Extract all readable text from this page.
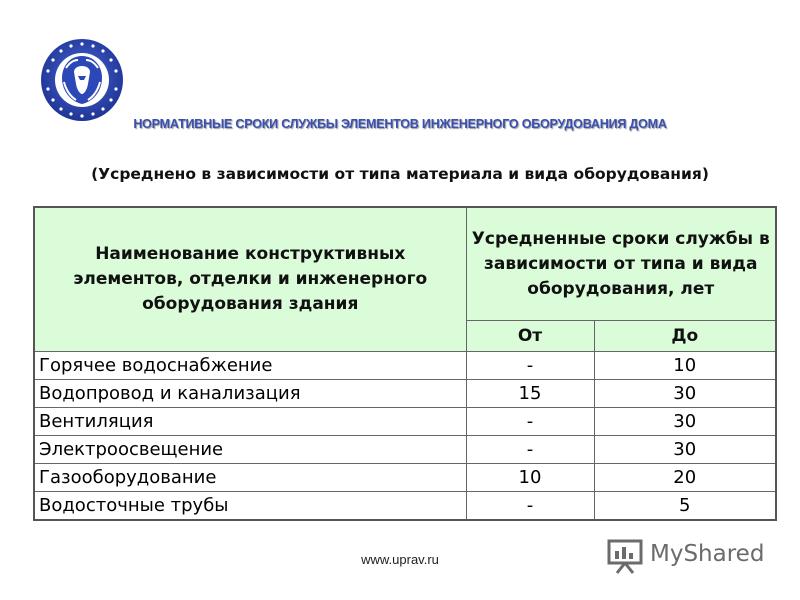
НОРМАТИВНЫЕ СРОКИ СЛУЖБЫ ЭЛЕМЕНТОВ ИНЖЕНЕРНОГО ОБОРУДОВАНИЯ ДОМА
(Усреднено в зависимости от типа материала и вида оборудования)
Наименование конструктивных элементов, отделки и инженерного оборудования здания	Усредненные сроки службы в зависимости от типа и вида оборудования, лет	
	От	До
Горячее водоснабжение	-	10
Водопровод и канализация	15	30
Вентиляция	-	30
Электроосвещение	-	30
Газооборудование	10	20
Водосточные трубы	-	5
www.uprav.ru	MyShared
